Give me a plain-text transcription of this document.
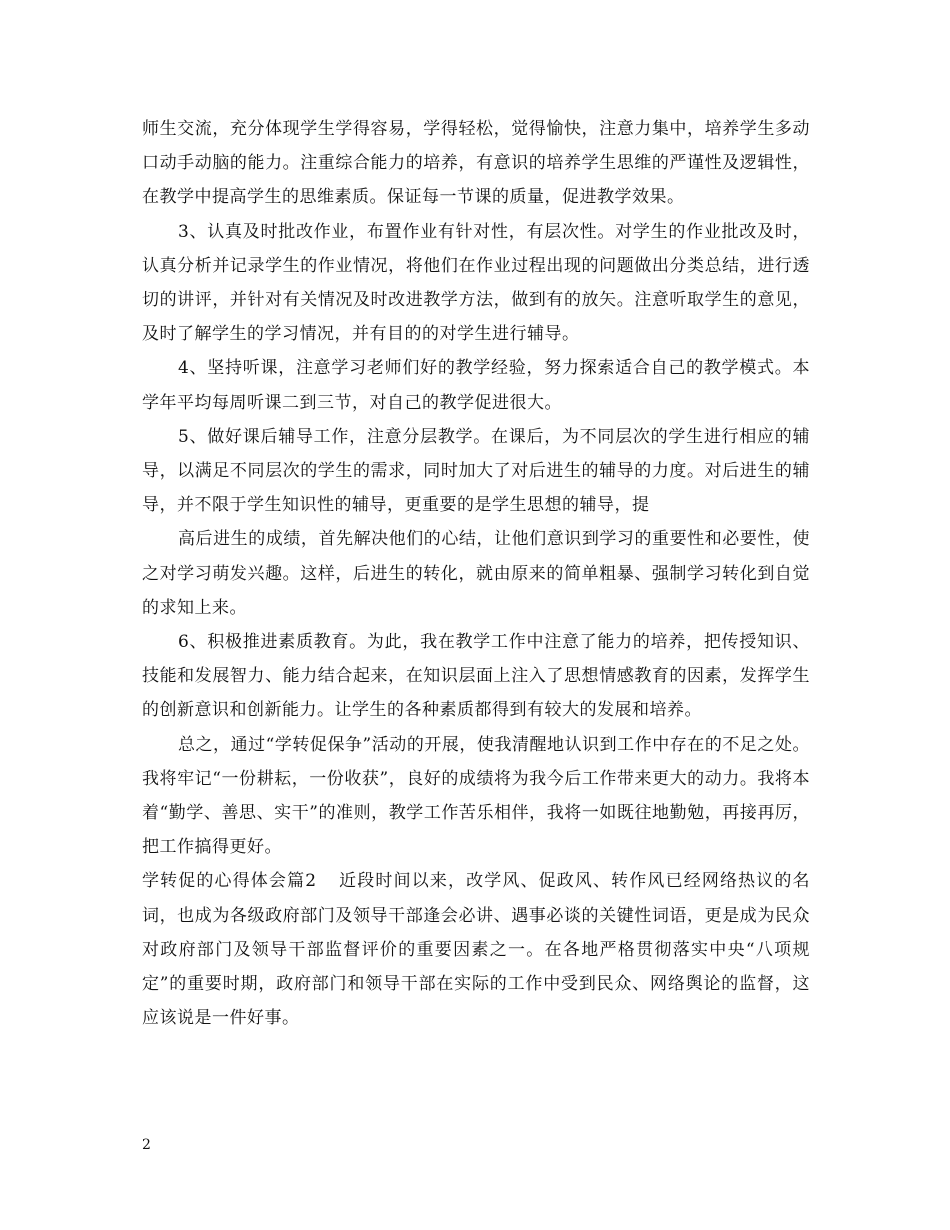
师生交流，充分体现学生学得容易，学得轻松，觉得愉快，注意力集中，培养学生多动口动手动脑的能力。注重综合能力的培养，有意识的培养学生思维的严谨性及逻辑性，在教学中提高学生的思维素质。保证每一节课的质量，促进教学效果。

3、认真及时批改作业，布置作业有针对性，有层次性。对学生的作业批改及时，认真分析并记录学生的作业情况，将他们在作业过程出现的问题做出分类总结，进行透切的讲评，并针对有关情况及时改进教学方法，做到有的放矢。注意听取学生的意见，及时了解学生的学习情况，并有目的的对学生进行辅导。

4、坚持听课，注意学习老师们好的教学经验，努力探索适合自己的教学模式。本学年平均每周听课二到三节，对自己的教学促进很大。

5、做好课后辅导工作，注意分层教学。在课后，为不同层次的学生进行相应的辅导，以满足不同层次的学生的需求，同时加大了对后进生的辅导的力度。对后进生的辅导，并不限于学生知识性的辅导，更重要的是学生思想的辅导，提

高后进生的成绩，首先解决他们的心结，让他们意识到学习的重要性和必要性，使之对学习萌发兴趣。这样，后进生的转化，就由原来的简单粗暴、强制学习转化到自觉的求知上来。

6、积极推进素质教育。为此，我在教学工作中注意了能力的培养，把传授知识、技能和发展智力、能力结合起来，在知识层面上注入了思想情感教育的因素，发挥学生的创新意识和创新能力。让学生的各种素质都得到有较大的发展和培养。

总之，通过“学转促保争”活动的开展，使我清醒地认识到工作中存在的不足之处。我将牢记“一份耕耘，一份收获”，良好的成绩将为我今后工作带来更大的动力。我将本着“勤学、善思、实干”的准则，教学工作苦乐相伴，我将一如既往地勤勉，再接再厉，把工作搞得更好。

学转促的心得体会篇2 近段时间以来，改学风、促政风、转作风已经网络热议的名词，也成为各级政府部门及领导干部逢会必讲、遇事必谈的关键性词语，更是成为民众对政府部门及领导干部监督评价的重要因素之一。在各地严格贯彻落实中央“八项规定”的重要时期，政府部门和领导干部在实际的工作中受到民众、网络舆论的监督，这应该说是一件好事。

2
